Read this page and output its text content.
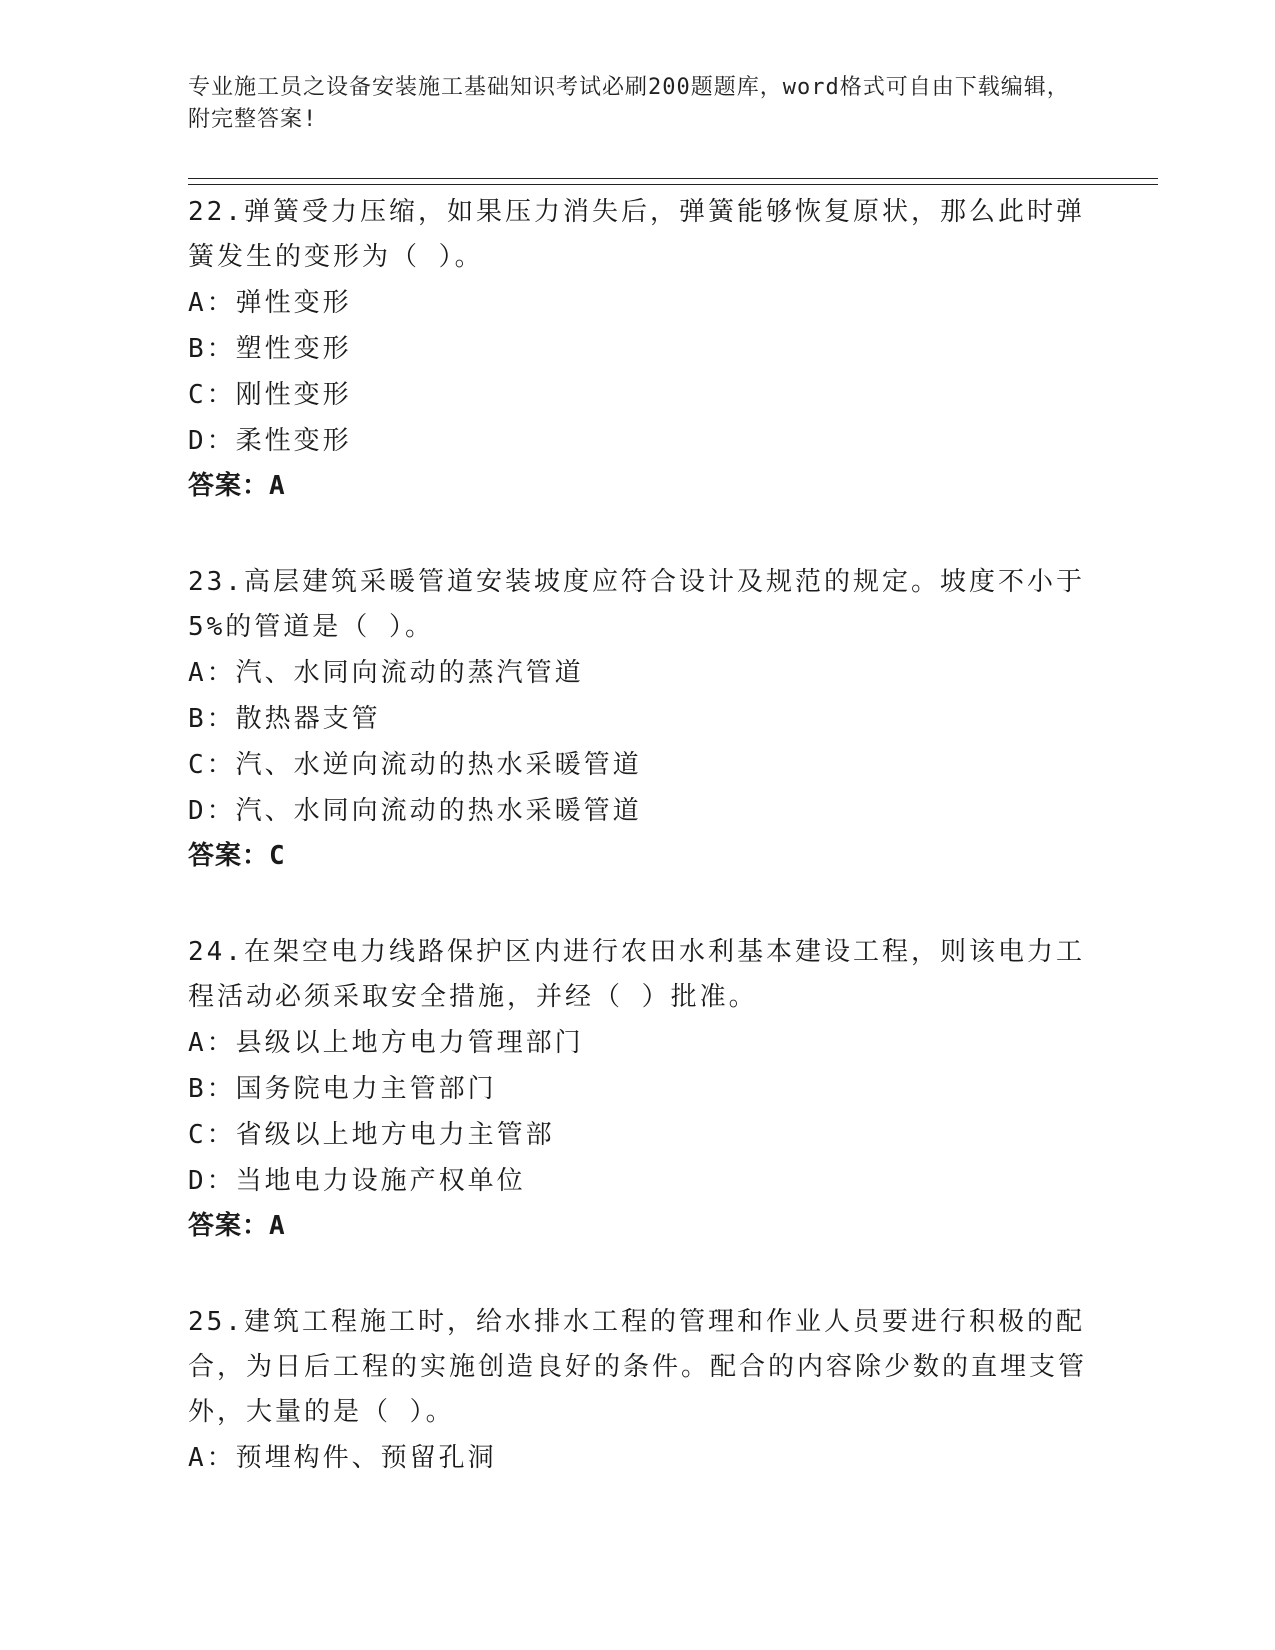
专业施工员之设备安装施工基础知识考试必刷200题题库，word格式可自由下载编辑，附完整答案!

22.弹簧受力压缩，如果压力消失后，弹簧能够恢复原状，那么此时弹簧发生的变形为（ ）。

A：弹性变形
B：塑性变形
C：刚性变形
D：柔性变形
答案：A

23.高层建筑采暖管道安装坡度应符合设计及规范的规定。坡度不小于5%的管道是（ ）。

A：汽、水同向流动的蒸汽管道
B：散热器支管
C：汽、水逆向流动的热水采暖管道
D：汽、水同向流动的热水采暖管道
答案：C

24.在架空电力线路保护区内进行农田水利基本建设工程，则该电力工程活动必须采取安全措施，并经（ ）批准。

A：县级以上地方电力管理部门
B：国务院电力主管部门
C：省级以上地方电力主管部
D：当地电力设施产权单位
答案：A

25.建筑工程施工时，给水排水工程的管理和作业人员要进行积极的配合，为日后工程的实施创造良好的条件。配合的内容除少数的直埋支管外，大量的是（ ）。

A：预埋构件、预留孔洞
